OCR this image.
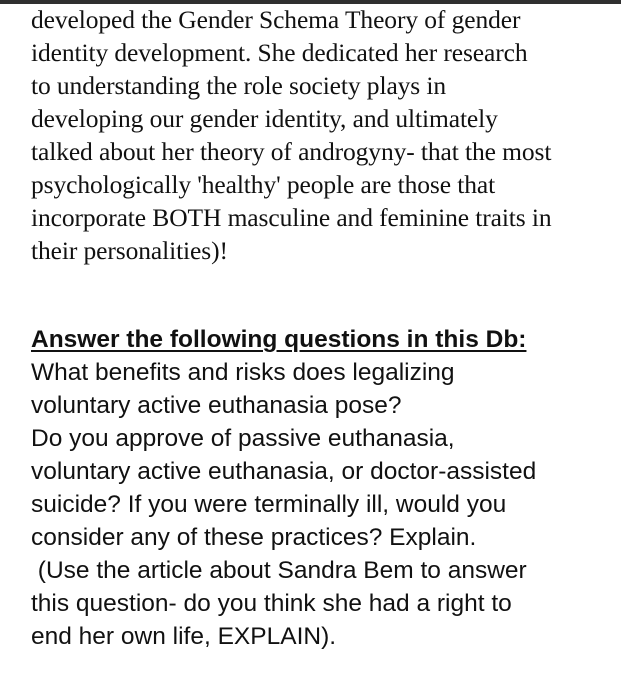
developed the Gender Schema Theory of gender
identity development. She dedicated her research
to understanding the role society plays in
developing our gender identity, and ultimately
talked about her theory of androgyny- that the most
psychologically 'healthy' people are those that
incorporate BOTH masculine and feminine traits in
their personalities)!
Answer the following questions in this Db:
What benefits and risks does legalizing
voluntary active euthanasia pose?
Do you approve of passive euthanasia,
voluntary active euthanasia, or doctor-assisted
suicide? If you were terminally ill, would you
consider any of these practices? Explain.
(Use the article about Sandra Bem to answer
this question- do you think she had a right to
end her own life, EXPLAIN).
